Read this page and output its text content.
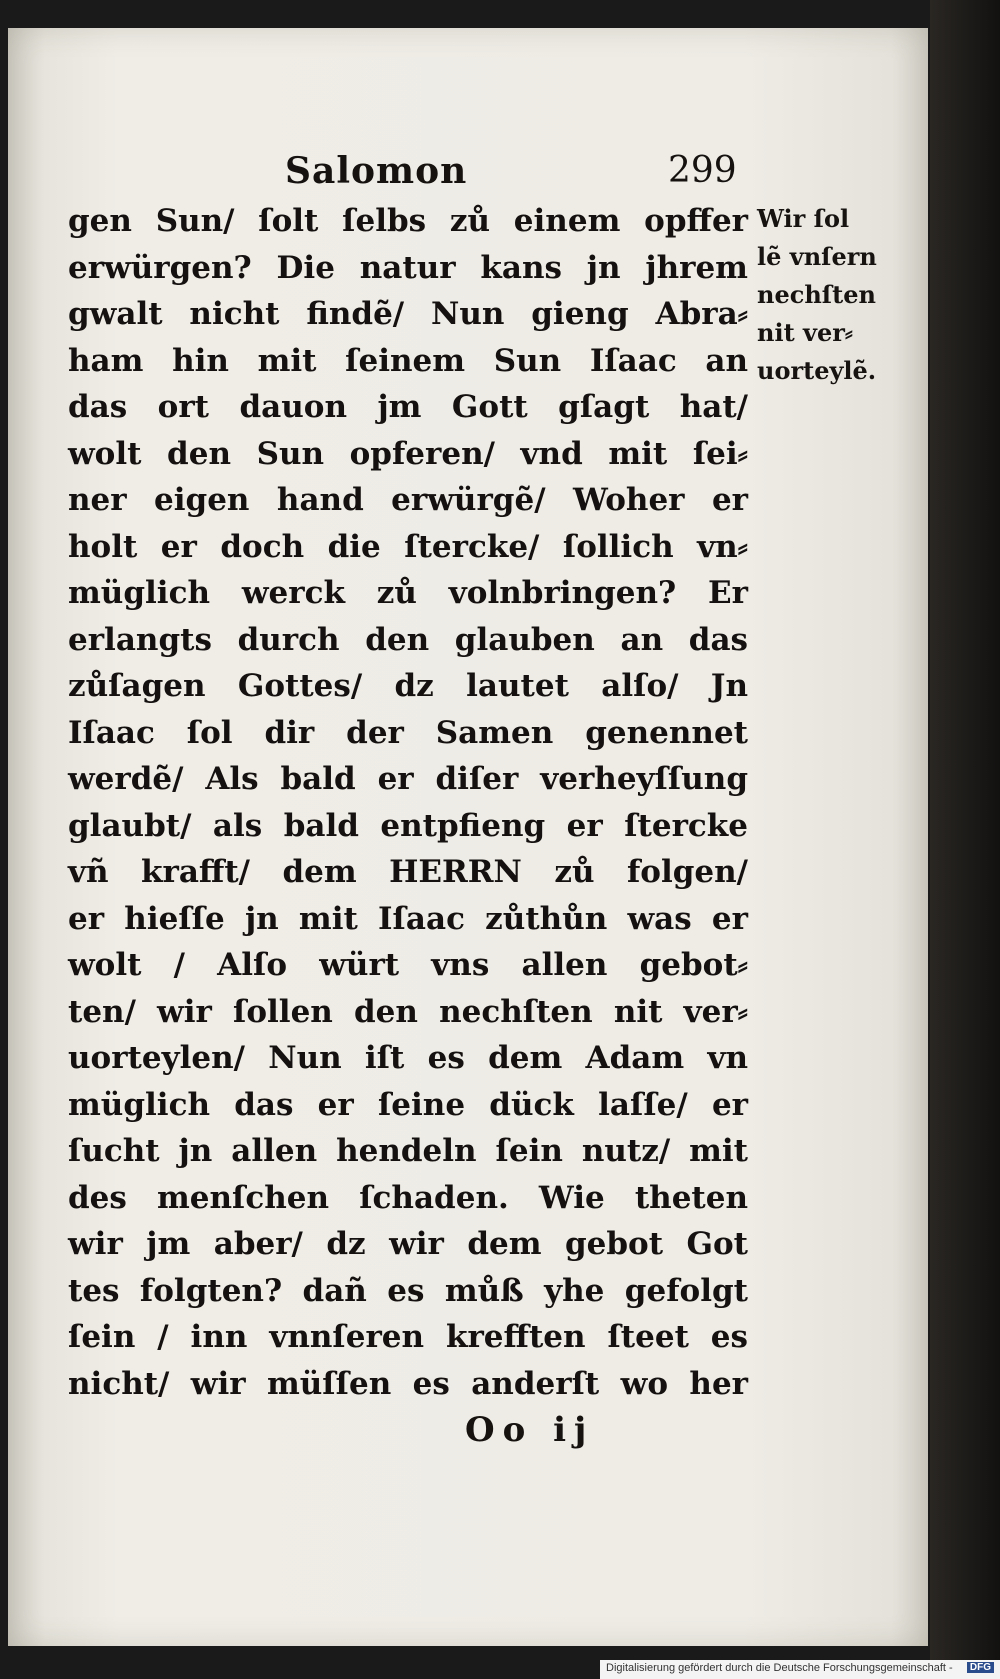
Salomon	299
gen Sun/ ſolt ſelbs zů einem opffer
erwürgen? Die natur kans jn jhrem
gwalt nicht findẽ/ Nun gieng Abra⸗
ham hin mit ſeinem Sun Iſaac an
das ort dauon jm Gott gſagt hat/
wolt den Sun opferen/ vnd mit ſei⸗
ner eigen hand erwürgẽ/ Woher er
holt er doch die ſtercke/ ſollich vn⸗
müglich werck zů volnbringen? Er
erlangts durch den glauben an das
zůſagen Gottes/ dz lautet alſo/ Jn
Iſaac ſol dir der Samen genennet
werdẽ/ Als bald er diſer verheyſſung
glaubt/ als bald entpfieng er ſtercke
vñ krafft/ dem HERRN zů folgen/
er hieſſe jn mit Iſaac zůthůn was er
wolt / Alſo würt vns allen gebot⸗
ten/ wir ſollen den nechſten nit ver⸗
uorteylen/ Nun iſt es dem Adam vn
müglich das er ſeine dück laſſe/ er
ſucht jn allen hendeln ſein nutz/ mit
des menſchen ſchaden. Wie theten
wir jm aber/ dz wir dem gebot Got
tes folgten? dañ es můß yhe gefolgt
ſein / inn vnnſeren krefften ſteet es
nicht/ wir müſſen es anderſt wo her
Wir ſol
lẽ vnſern
nechſten
nit ver⸗
uorteylẽ.
Oo ij
Digitalisierung gefördert durch die Deutsche Forschungsgemeinschaft -	DFG
